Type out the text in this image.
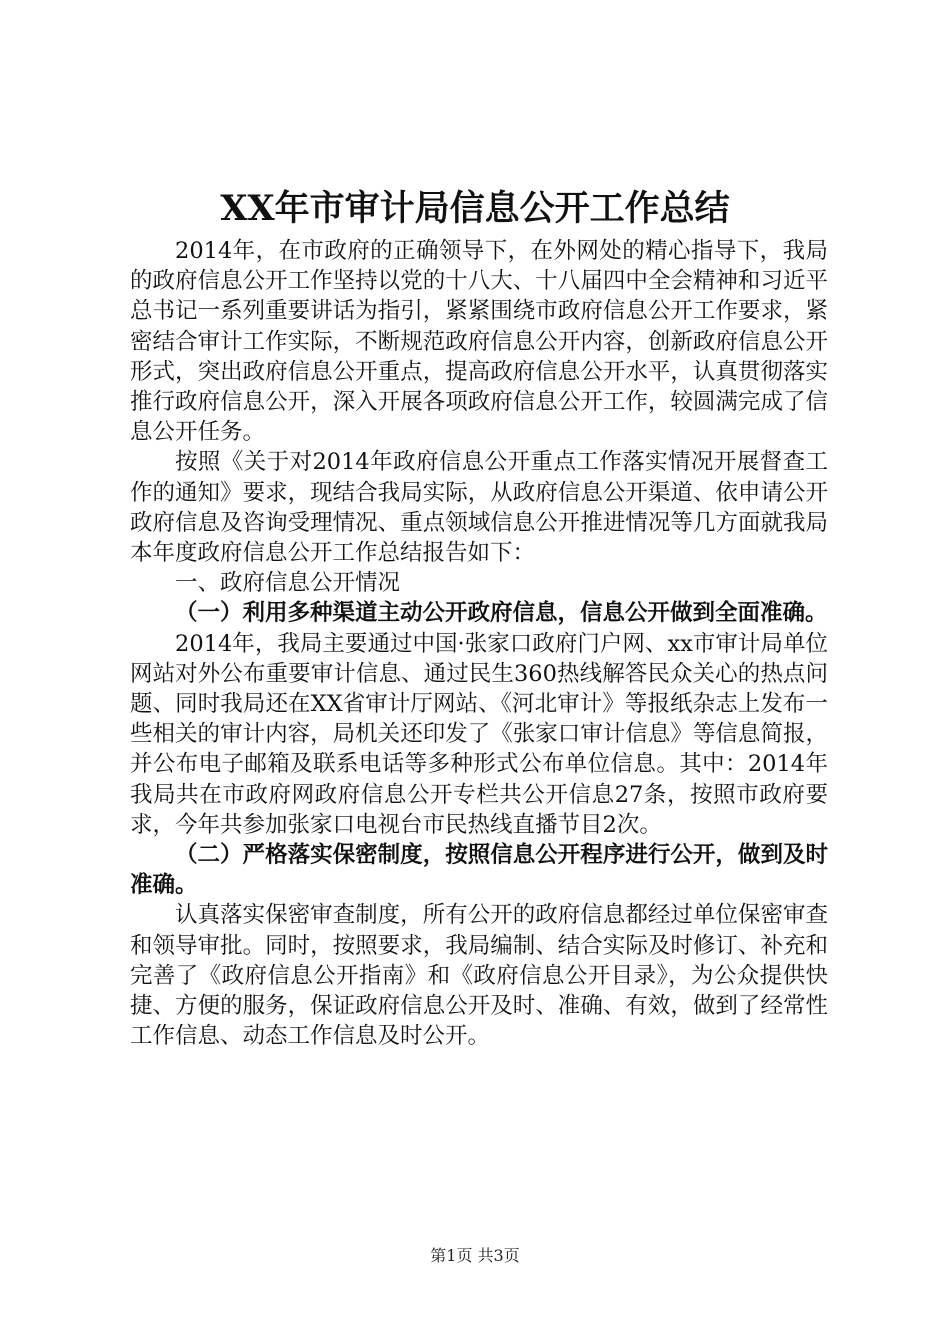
XX年市审计局信息公开工作总结

2014年，在市政府的正确领导下，在外网处的精心指导下，我局的政府信息公开工作坚持以党的十八大、十八届四中全会精神和习近平总书记一系列重要讲话为指引，紧紧围绕市政府信息公开工作要求，紧密结合审计工作实际，不断规范政府信息公开内容，创新政府信息公开形式，突出政府信息公开重点，提高政府信息公开水平，认真贯彻落实推行政府信息公开，深入开展各项政府信息公开工作，较圆满完成了信息公开任务。

按照《关于对2014年政府信息公开重点工作落实情况开展督查工作的通知》要求，现结合我局实际，从政府信息公开渠道、依申请公开政府信息及咨询受理情况、重点领域信息公开推进情况等几方面就我局本年度政府信息公开工作总结报告如下：

一、政府信息公开情况

（一）利用多种渠道主动公开政府信息，信息公开做到全面准确。

2014年，我局主要通过中国·张家口政府门户网、xx市审计局单位网站对外公布重要审计信息、通过民生360热线解答民众关心的热点问题、同时我局还在XX省审计厅网站、《河北审计》等报纸杂志上发布一些相关的审计内容，局机关还印发了《张家口审计信息》等信息简报，并公布电子邮箱及联系电话等多种形式公布单位信息。其中：2014年我局共在市政府网政府信息公开专栏共公开信息27条，按照市政府要求，今年共参加张家口电视台市民热线直播节目2次。

（二）严格落实保密制度，按照信息公开程序进行公开，做到及时准确。

认真落实保密审查制度，所有公开的政府信息都经过单位保密审查和领导审批。同时，按照要求，我局编制、结合实际及时修订、补充和完善了《政府信息公开指南》和《政府信息公开目录》，为公众提供快捷、方便的服务，保证政府信息公开及时、准确、有效，做到了经常性工作信息、动态工作信息及时公开。

第1页 共3页
